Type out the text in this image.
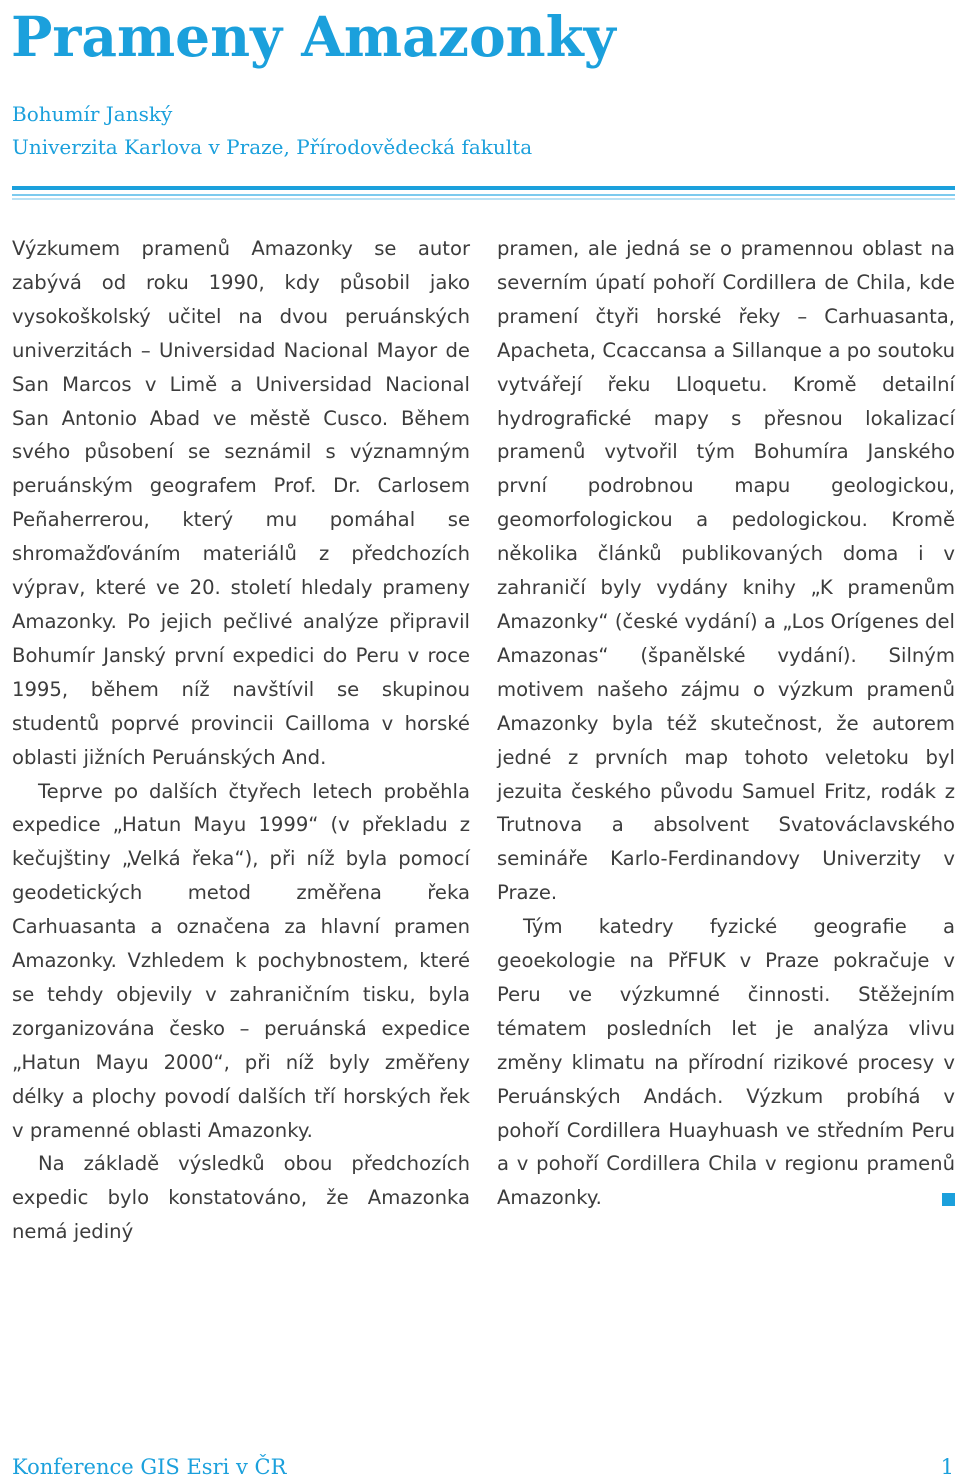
Prameny Amazonky
Bohumír Janský
Univerzita Karlova v Praze, Přírodovědecká fakulta

Výzkumem pramenů Amazonky se autor zabývá od roku 1990, kdy působil jako vysokoškolský učitel na dvou peruánských univerzitách – Universidad Nacional Mayor de San Marcos v Limě a Universidad Nacional San Antonio Abad ve městě Cusco. Během svého působení se seznámil s významným peruánským geografem Prof. Dr. Carlosem Peñaherrerou, který mu pomáhal se shromažďováním materiálů z předchozích výprav, které ve 20. století hledaly prameny Amazonky. Po jejich pečlivé analýze připravil Bohumír Janský první expedici do Peru v roce 1995, během níž navštívil se skupinou studentů poprvé provincii Cailloma v horské oblasti jižních Peruánských And.

Teprve po dalších čtyřech letech proběhla expedice „Hatun Mayu 1999“ (v překladu z kečujštiny „Velká řeka“), při níž byla pomocí geodetických metod změřena řeka Carhuasanta a označena za hlavní pramen Amazonky. Vzhledem k pochybnostem, které se tehdy objevily v zahraničním tisku, byla zorganizována česko – peruánská expedice „Hatun Mayu 2000“, při níž byly změřeny délky a plochy povodí dalších tří horských řek v pramenné oblasti Amazonky.

Na základě výsledků obou předchozích expedic bylo konstatováno, že Amazonka nemá jediný

pramen, ale jedná se o pramennou oblast na severním úpatí pohoří Cordillera de Chila, kde pramení čtyři horské řeky – Carhuasanta, Apacheta, Ccaccansa a Sillanque a po soutoku vytvářejí řeku Lloquetu. Kromě detailní hydrografické mapy s přesnou lokalizací pramenů vytvořil tým Bohumíra Janského první podrobnou mapu geologickou, geomorfologickou a pedologickou. Kromě několika článků publikovaných doma i v zahraničí byly vydány knihy „K pramenům Amazonky“ (české vydání) a „Los Orígenes del Amazonas“ (španělské vydání). Silným motivem našeho zájmu o výzkum pramenů Amazonky byla též skutečnost, že autorem jedné z prvních map tohoto veletoku byl jezuita českého původu Samuel Fritz, rodák z Trutnova a absolvent Svatováclavského semináře Karlo-Ferdinandovy Univerzity v Praze.

Tým katedry fyzické geografie a geoekologie na PřFUK v Praze pokračuje v Peru ve výzkumné činnosti. Stěžejním tématem posledních let je analýza vlivu změny klimatu na přírodní rizikové procesy v Peruánských Andách. Výzkum probíhá v pohoří Cordillera Huayhuash ve středním Peru a v pohoří Cordillera Chila v regionu pramenů Amazonky.

Konference GIS Esri v ČR	1
